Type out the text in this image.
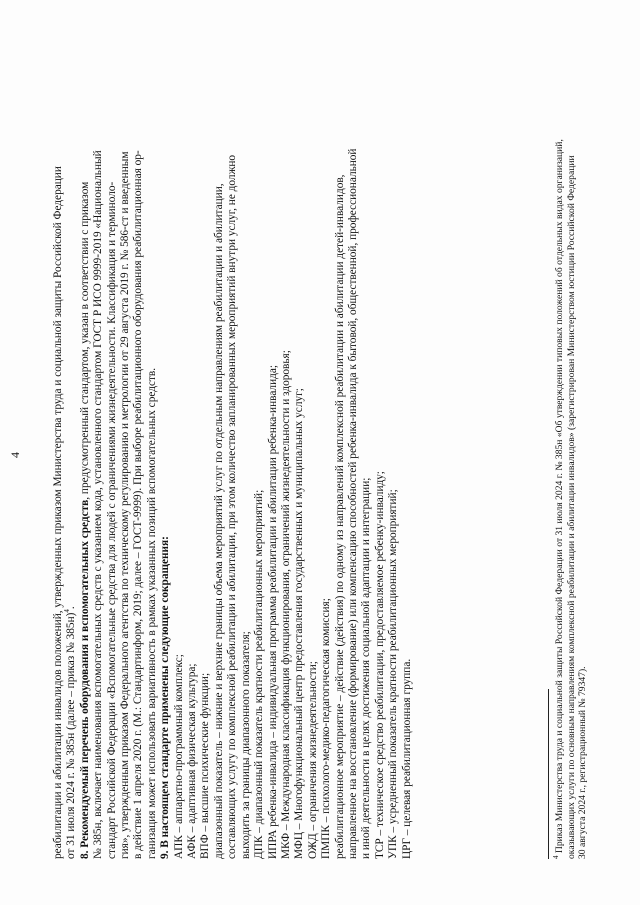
4	реабилитации и абилитации инвалидов положений, утвержденных приказом Министерства труда и социальной защиты Российской Федерации от 31 июля 2024 г. № 385н (далее – приказ № 385н)$^4$. 8. Рекомендуемый перечень оборудования и вспомогательных средств, предусмотренный стандартом, указан в соответствии с приказом № 385н, включает наименования вспомогательных средств с указанием кода, установленного стандартом ГОСТ Р ИСО 9999-2019 «Национальный стандарт Российской Федерации «Вспомогательные средства для людей с ограничениями жизнедеятельности. Классификация и терминоло- гия», утвержденным приказом Федерального агентства по техническому регулированию и метрологии от 29 августа 2019 г. № 586-ст и введенным в действие 1 апреля 2020 г. (М.: Стандартинформ, 2019; далее – ГОСТ-9999). При выборе реабилитационного оборудования реабилитационная ор- ганизация может использовать вариативность в рамках указанных позиций вспомогательных средств. 9. В настоящем стандарте применены следующие сокращения: АПК – аппаратно-программный комплекс; АФК – адаптивная физическая культура; ВПФ – высшие психические функции; диапазонный показатель – нижние и верхние границы объема мероприятий услуг по отдельным направлениям реабилитации и абилитации, составляющих услугу по комплексной реабилитации и абилитации, при этом количество запланированных мероприятий внутри услуг, не должно выходить за границы диапазонного показателя; ДПК – диапазонный показатель кратности реабилитационных мероприятий; ИПРА ребенка-инвалида – индивидуальная программа реабилитации и абилитации ребенка-инвалида; МКФ – Международная классификация функционирования, ограничений жизнедеятельности и здоровья; МФЦ – Многофункциональный центр предоставления государственных и муниципальных услуг; ОЖД – ограничения жизнедеятельности; ПМПК – психолого-медико-педагогическая комиссия; реабилитационное мероприятие – действие (действия) по одному из направлений комплексной реабилитации и абилитации детей-инвалидов, направленное на восстановление (формирование) или компенсацию способностей ребенка-инвалида к бытовой, общественной, профессиональной и иной деятельности в целях достижения социальной адаптации и интеграции; ТСР – техническое средство реабилитации, предоставляемое ребенку-инвалиду; УПК – усредненный показатель кратности реабилитационных мероприятий; ЦРГ – целевая реабилитационная группа.	$^4$ Приказ Министерства труда и социальной защиты Российской Федерации от 31 июля 2024 г. № 385н «Об утверждении типовых положений об отдельных видах организаций, оказывающих услуги по основным направлениям комплексной реабилитации и абилитации инвалидов» (зарегистрирован Министерством юстиции Российской Федерации 30 августа 2024 г., регистрационный № 79347).
